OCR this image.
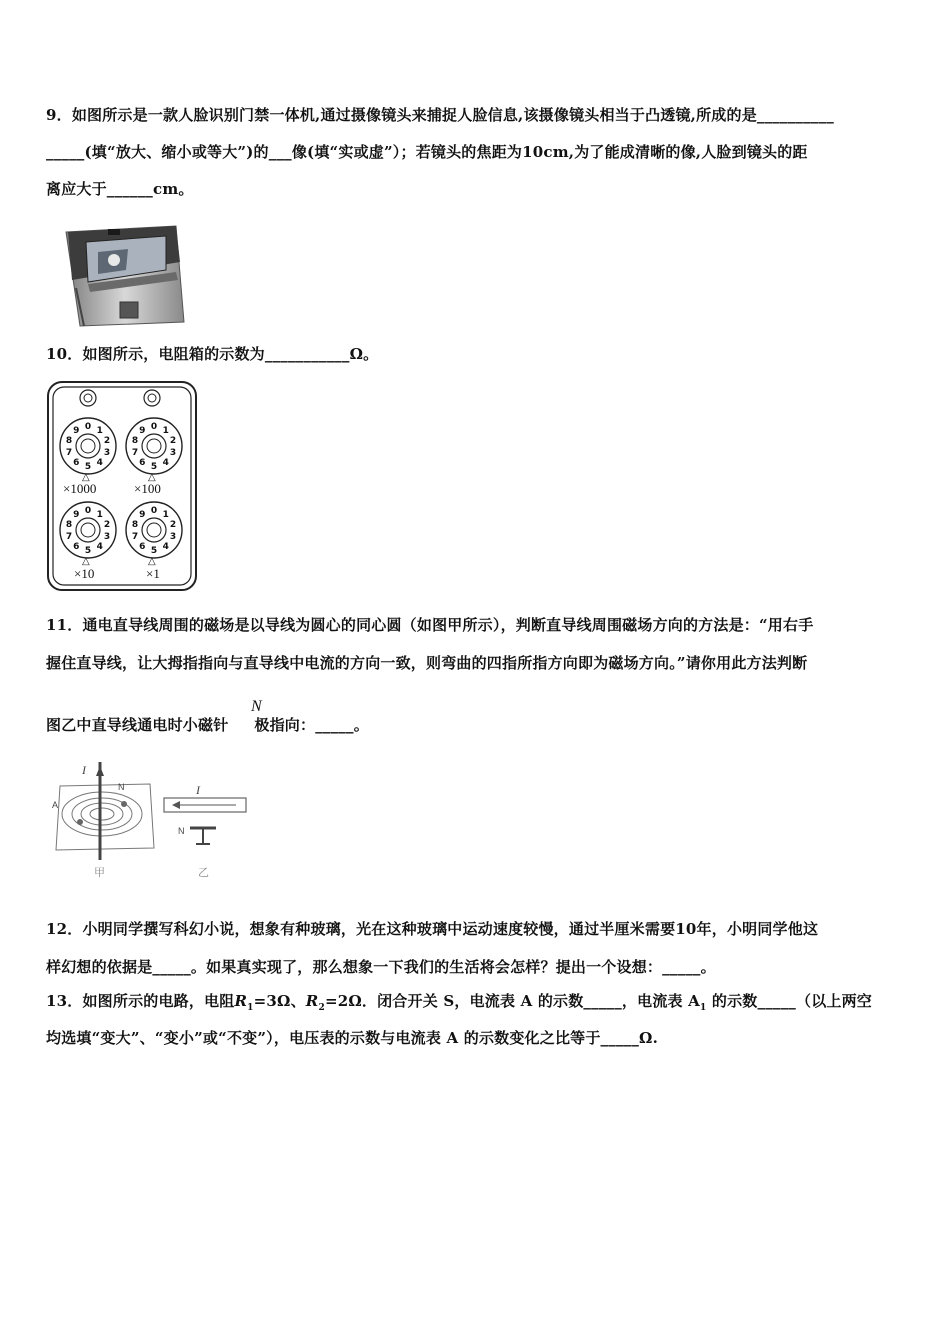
9．如图所示是一款人脸识别门禁一体机,通过摄像镜头来捕捉人脸信息,该摄像镜头相当于凸透镜,所成的是__________
_____(填“放大、缩小或等大”)的___像(填“实或虚”）；若镜头的焦距为10cm,为了能成清晰的像,人脸到镜头的距
离应大于______cm。
10．如图所示，电阻箱的示数为___________Ω。
0 1
2
3
4
5
6
7
8
9	0 1
2
3
4
5
6
7
8
9
0 1
2
3
4
5
6
7
8
9	0 1
2
3
4
5
6
7
8
9
△	△
△	△
×1000	×100
×10	×1
11．通电直导线周围的磁场是以导线为圆心的同心圆（如图甲所示），判断直导线周围磁场方向的方法是：“用右手
握住直导线，让大拇指指向与直导线中电流的方向一致，则弯曲的四指所指方向即为磁场方向。”请你用此方法判断
图乙中直导线通电时小磁针 极指向：_____。
N
I
A
N
甲
I
N
乙
12．小明同学撰写科幻小说，想象有种玻璃，光在这种玻璃中运动速度较慢，通过半厘米需要10年，小明同学他这
样幻想的依据是_____。如果真实现了，那么想象一下我们的生活将会怎样？提出一个设想：_____。
13．如图所示的电路，电阻$R_1=3\Omega$、$R_2=2\Omega$．闭合开关 S，电流表 A 的示数_____，电流表 $A_1$ 的示数_____（以上两空
均选填“变大”、“变小”或“不变”），电压表的示数与电流表 A 的示数变化之比等于_____Ω.
